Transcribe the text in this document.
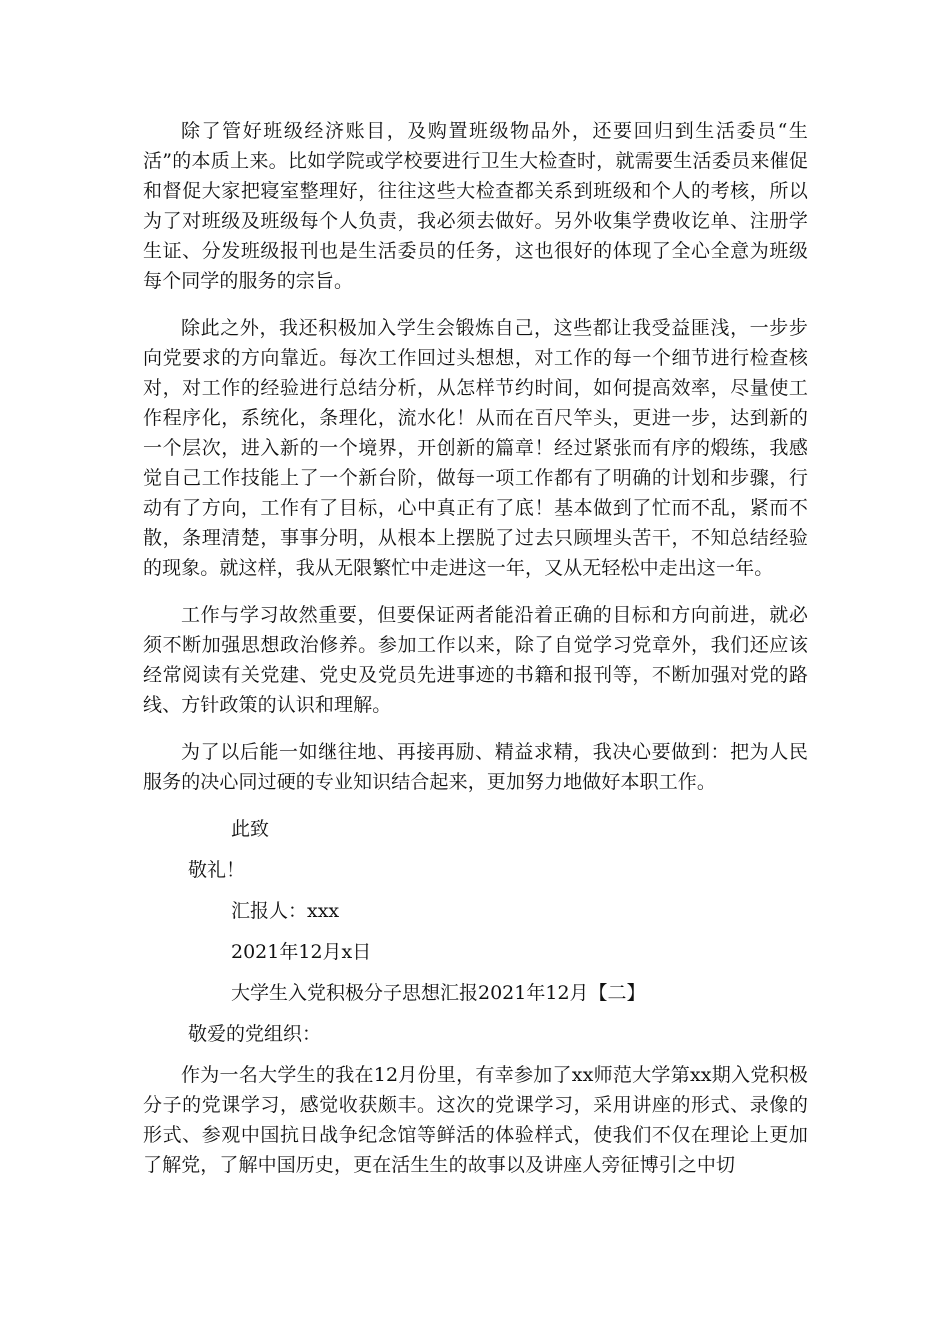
除了管好班级经济账目，及购置班级物品外，还要回归到生活委员“生活”的本质上来。比如学院或学校要进行卫生大检查时，就需要生活委员来催促和督促大家把寝室整理好，往往这些大检查都关系到班级和个人的考核，所以为了对班级及班级每个人负责，我必须去做好。另外收集学费收讫单、注册学生证、分发班级报刊也是生活委员的任务，这也很好的体现了全心全意为班级每个同学的服务的宗旨。

除此之外，我还积极加入学生会锻炼自己，这些都让我受益匪浅，一步步向党要求的方向靠近。每次工作回过头想想，对工作的每一个细节进行检查核对，对工作的经验进行总结分析，从怎样节约时间，如何提高效率，尽量使工作程序化，系统化，条理化，流水化！从而在百尺竿头，更进一步，达到新的一个层次，进入新的一个境界，开创新的篇章！经过紧张而有序的煅练，我感觉自己工作技能上了一个新台阶，做每一项工作都有了明确的计划和步骤，行动有了方向，工作有了目标，心中真正有了底！基本做到了忙而不乱，紧而不散，条理清楚，事事分明，从根本上摆脱了过去只顾埋头苦干，不知总结经验的现象。就这样，我从无限繁忙中走进这一年，又从无轻松中走出这一年。

工作与学习故然重要，但要保证两者能沿着正确的目标和方向前进，就必须不断加强思想政治修养。参加工作以来，除了自觉学习党章外，我们还应该经常阅读有关党建、党史及党员先进事迹的书籍和报刊等，不断加强对党的路线、方针政策的认识和理解。

为了以后能一如继往地、再接再励、精益求精，我决心要做到：把为人民服务的决心同过硬的专业知识结合起来，更加努力地做好本职工作。

此致
敬礼！
汇报人：xxx
2021年12月x日
大学生入党积极分子思想汇报2021年12月【二】
敬爱的党组织：

作为一名大学生的我在12月份里，有幸参加了xx师范大学第xx期入党积极分子的党课学习，感觉收获颇丰。这次的党课学习，采用讲座的形式、录像的形式、参观中国抗日战争纪念馆等鲜活的体验样式，使我们不仅在理论上更加了解党，了解中国历史，更在活生生的故事以及讲座人旁征博引之中切
